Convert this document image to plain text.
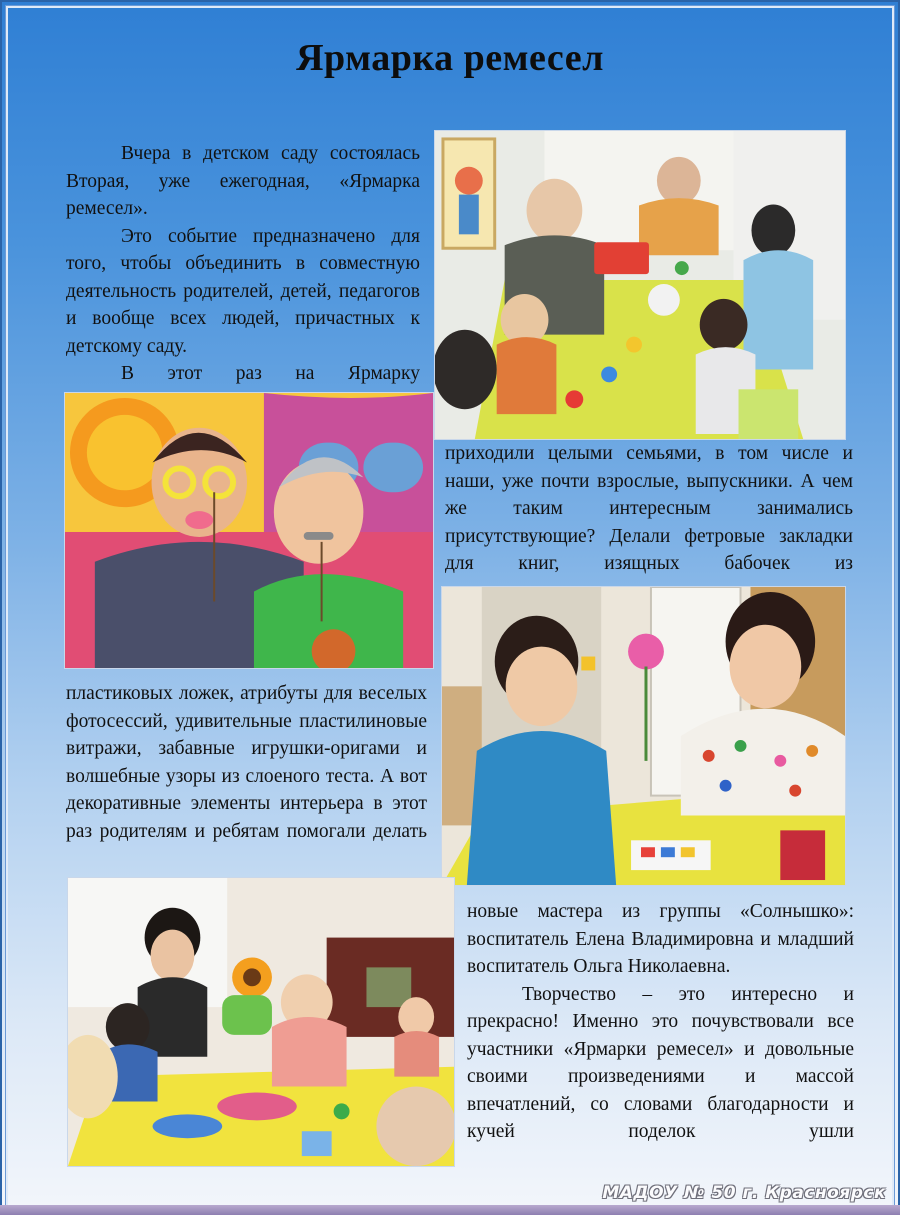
Ярмарка ремесел

Вчера в детском саду состоялась Вторая, уже ежегодная, «Ярмарка ремесел».

Это событие предназначено для того, чтобы объединить в совместную деятельность родителей, детей, педагогов и вообще всех людей, причастных к детскому саду.

В этот раз на Ярмарку

приходили целыми семьями, в том числе и наши, уже почти взрослые, выпускники. А чем же таким интересным занимались присутствующие? Делали фетровые закладки для книг, изящных бабочек из

пластиковых ложек, атрибуты для веселых фотосессий, удивительные пластилиновые витражи, забавные игрушки-оригами и волшебные узоры из слоеного теста. А вот декоративные элементы интерьера в этот раз родителям и ребятам помогали делать

новые мастера из группы «Солнышко»: воспитатель Елена Владимировна и младший воспитатель Ольга Николаевна.

Творчество – это интересно и прекрасно! Именно это почувствовали все участники «Ярмарки ремесел» и довольные своими произведениями и массой впечатлений, со словами благодарности и кучей поделок ушли

МАДОУ № 50 г. Красноярск
